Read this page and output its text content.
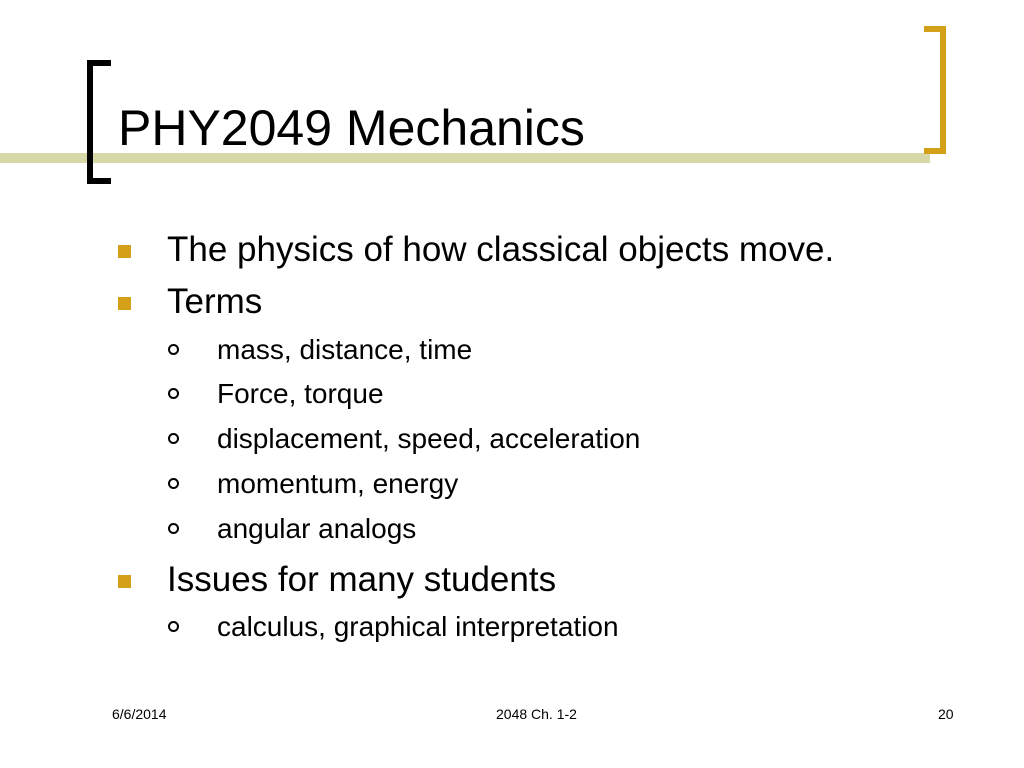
PHY2049 Mechanics
The physics of how classical objects move.
Terms
mass, distance, time
Force, torque
displacement, speed, acceleration
momentum, energy
angular analogs
Issues for many students
calculus, graphical interpretation
6/6/2014	2048 Ch. 1-2	20
